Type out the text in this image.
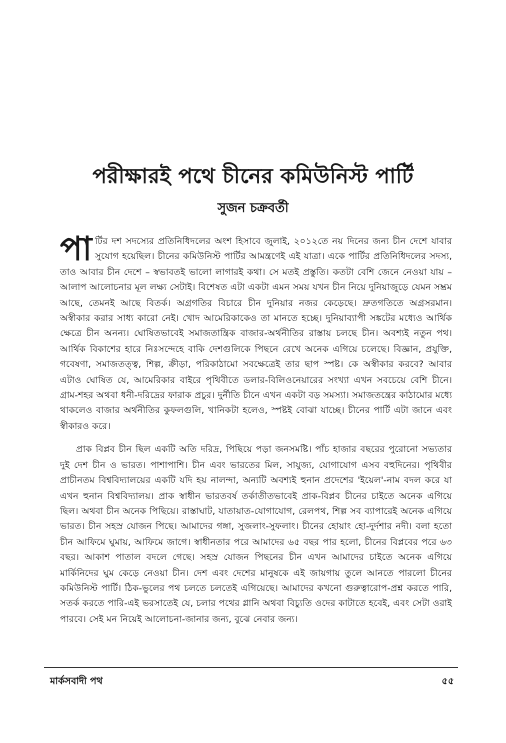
পরীক্ষারই পথে চীনের কমিউনিস্ট পার্টি
সুজন চক্রবর্তী

পার্টির দশ সদস্যের প্রতিনিধিদলের অংশ হিসাবে জুলাই, ২০১২তে নয় দিনের জন্য চীন দেশে যাবার সুযোগ হয়েছিল। চীনের কমিউনিস্ট পার্টির আমন্ত্রণেই এই যাত্রা। একে পার্টির প্রতিনিধিদলের সদস্য, তাও আবার চীন দেশে – স্বভাবতই ভালো লাগারই কথা। সে মতই প্রস্তুতি। কতটা বেশি জেনে নেওয়া যায় – আলাপ আলোচনার মূল লক্ষ্য সেটাই। বিশেষত এটা একটা এমন সময় যখন চীন নিয়ে দুনিয়াজুড়ে যেমন সম্ভ্রম আছে, তেমনই আছে বিতর্ক। অগ্রগতির বিচারে চীন দুনিয়ার নজর কেড়েছে। দ্রুতগতিতে অগ্রসরমান। অস্বীকার করার সাধ্য কারো নেই। খোদ আমেরিকাকেও তা মানতে হচ্ছে। দুনিয়াব্যাপী সঙ্কটের মধ্যেও আর্থিক ক্ষেত্রে চীন অনন্য। ঘোষিতভাবেই সমাজতান্ত্রিক বাজার-অর্থনীতির রাস্তায় চলছে চীন। অবশ্যই নতুন পথ। আর্থিক বিকাশের হারে নিঃসন্দেহে বাকি দেশগুলিকে পিছনে রেখে অনেক এগিয়ে চলেছে। বিজ্ঞান, প্রযুক্তি, গবেষণা, সমাজতত্ত্ব, শিল্প, ক্রীড়া, পরিকাঠামো সবক্ষেত্রেই তার ছাপ স্পষ্ট। কে অস্বীকার করবে? আবার এটাও ঘোষিত যে, আমেরিকার বাইরে পৃথিবীতে ডলার-বিলিওনেয়ারের সংখ্যা এখন সবচেয়ে বেশি চীনে। গ্রাম-শহর অথবা ধনী-দরিদ্রের ফারাক প্রচুর। দুর্নীতি চীনে এখন একটা বড় সমস্যা। সমাজতন্ত্রের কাঠামোর মধ্যে থাকলেও বাজার অর্থনীতির কুফলগুলি, খানিকটা হলেও, স্পষ্টই বোঝা যাচ্ছে। চীনের পার্টি এটা জানে এবং স্বীকারও করে।

প্রাক বিপ্লব চীন ছিল একটি অতি দরিদ্র, পিছিয়ে পড়া জনসমষ্টি। পাঁচ হাজার বছরের পুরোনো সভ্যতার দুই দেশ চীন ও ভারত। পাশাপাশি। চীন এবং ভারতের মিল, সাযুজ্য, যোগাযোগ এসব বহুদিনের। পৃথিবীর প্রাচীনতম বিশ্ববিদ্যালয়ের একটি যদি হয় নালন্দা, অন্যটি অবশ্যই হুনান প্রদেশের 'ইয়েল'-নাম বদল করে যা এখন হুনান বিশ্ববিদ্যালয়। প্রাক স্বাধীন ভারতবর্ষ তর্কাতীতভাবেই প্রাক-বিপ্লব চীনের চাইতে অনেক এগিয়ে ছিল। অথবা চীন অনেক পিছিয়ে। রাস্তাঘাট, যাতায়াত-যোগাযোগ, রেলপথ, শিল্প সব ব্যাপারেই অনেক এগিয়ে ভারত। চীন সহস্র যোজন পিছে। আমাদের গঙ্গা, সুজলাং-সুফলাং। চীনের হোয়াং হো-দুর্দশার নদী। বলা হতো চীন আফিমে ঘুমায়, আফিমে জাগে। স্বাধীনতার পরে আমাদের ৬৫ বছর পার হলো, চীনের বিপ্লবের পরে ৬৩ বছর। আকাশ পাতাল বদলে গেছে। সহস্র যোজন পিছনের চীন এখন আমাদের চাইতে অনেক এগিয়ে মার্কিনিদের ঘুম কেড়ে নেওয়া চীন। দেশ এবং দেশের মানুষকে এই জায়গায় তুলে আনতে পারলো চীনের কমিউনিস্ট পার্টি। ঠিক-ভুলের পথ চলতে চলতেই এগিয়েছে। আমাদের কখনো গুরুত্বারোপ-প্রশ্ন করতে পারি, সতর্ক করতে পারি-এই ভরসাতেই যে, চলার পথের গ্লানি অথবা বিচ্যুতি ওদের কাটাতে হবেই, এবং সেটা ওরাই পারবে। সেই মন নিয়েই আলোচনা-জানার জন্য, বুঝে নেবার জন্য।

মার্কসবাদী পথ	৫৫
